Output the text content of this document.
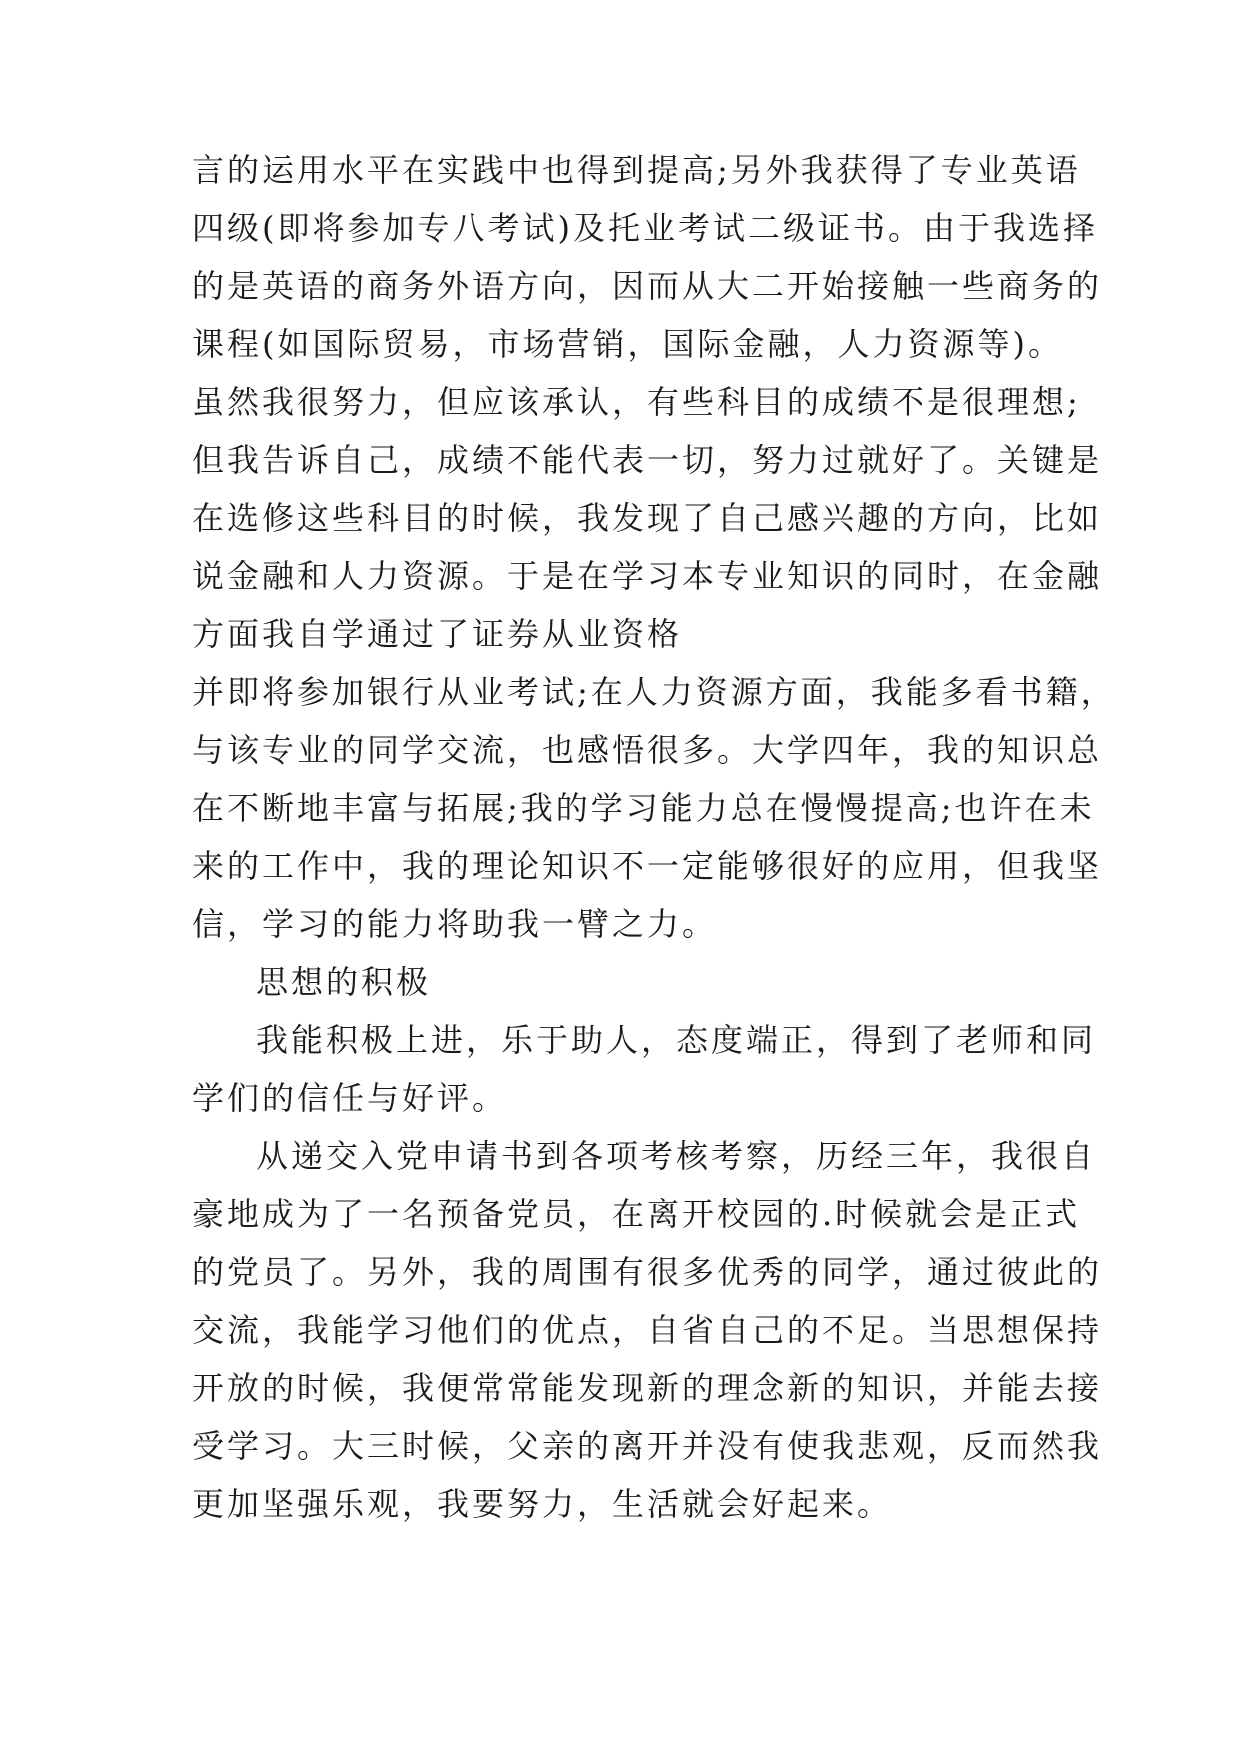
言的运用水平在实践中也得到提高;另外我获得了专业英语
四级(即将参加专八考试)及托业考试二级证书。由于我选择
的是英语的商务外语方向，因而从大二开始接触一些商务的
课程(如国际贸易，市场营销，国际金融，人力资源等)。
虽然我很努力，但应该承认，有些科目的成绩不是很理想;
但我告诉自己，成绩不能代表一切，努力过就好了。关键是
在选修这些科目的时候，我发现了自己感兴趣的方向，比如
说金融和人力资源。于是在学习本专业知识的同时，在金融
方面我自学通过了证券从业资格
并即将参加银行从业考试;在人力资源方面，我能多看书籍，
与该专业的同学交流，也感悟很多。大学四年，我的知识总
在不断地丰富与拓展;我的学习能力总在慢慢提高;也许在未
来的工作中，我的理论知识不一定能够很好的应用，但我坚
信，学习的能力将助我一臂之力。
思想的积极
我能积极上进，乐于助人，态度端正，得到了老师和同
学们的信任与好评。
从递交入党申请书到各项考核考察，历经三年，我很自
豪地成为了一名预备党员，在离开校园的.时候就会是正式
的党员了。另外，我的周围有很多优秀的同学，通过彼此的
交流，我能学习他们的优点，自省自己的不足。当思想保持
开放的时候，我便常常能发现新的理念新的知识，并能去接
受学习。大三时候，父亲的离开并没有使我悲观，反而然我
更加坚强乐观，我要努力，生活就会好起来。
